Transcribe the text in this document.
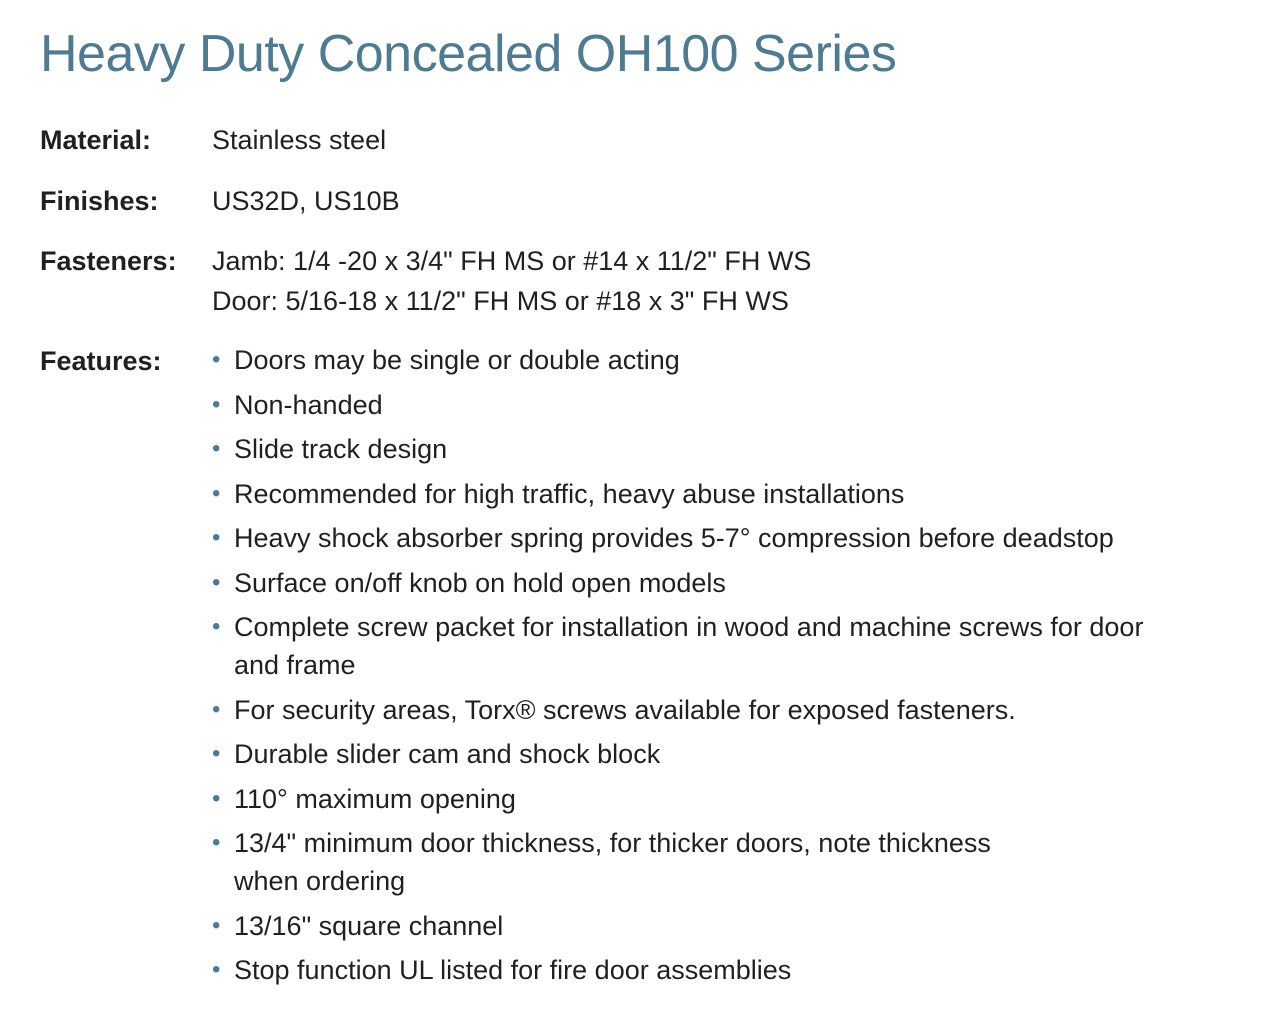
Heavy Duty Concealed OH100 Series
Material: Stainless steel
Finishes: US32D, US10B
Fasteners: Jamb: 1/4 -20 x 3/4" FH MS or #14 x 11/2" FH WS
Door: 5/16-18 x 11/2" FH MS or #18 x 3" FH WS
Features: • Doors may be single or double acting
• Non-handed
• Slide track design
• Recommended for high traffic, heavy abuse installations
• Heavy shock absorber spring provides 5-7° compression before deadstop
• Surface on/off knob on hold open models
• Complete screw packet for installation in wood and machine screws for door
and frame
• For security areas, Torx® screws available for exposed fasteners.
• Durable slider cam and shock block
• 110° maximum opening
• 13/4" minimum door thickness, for thicker doors, note thickness
when ordering
• 13/16" square channel
• Stop function UL listed for fire door assemblies
